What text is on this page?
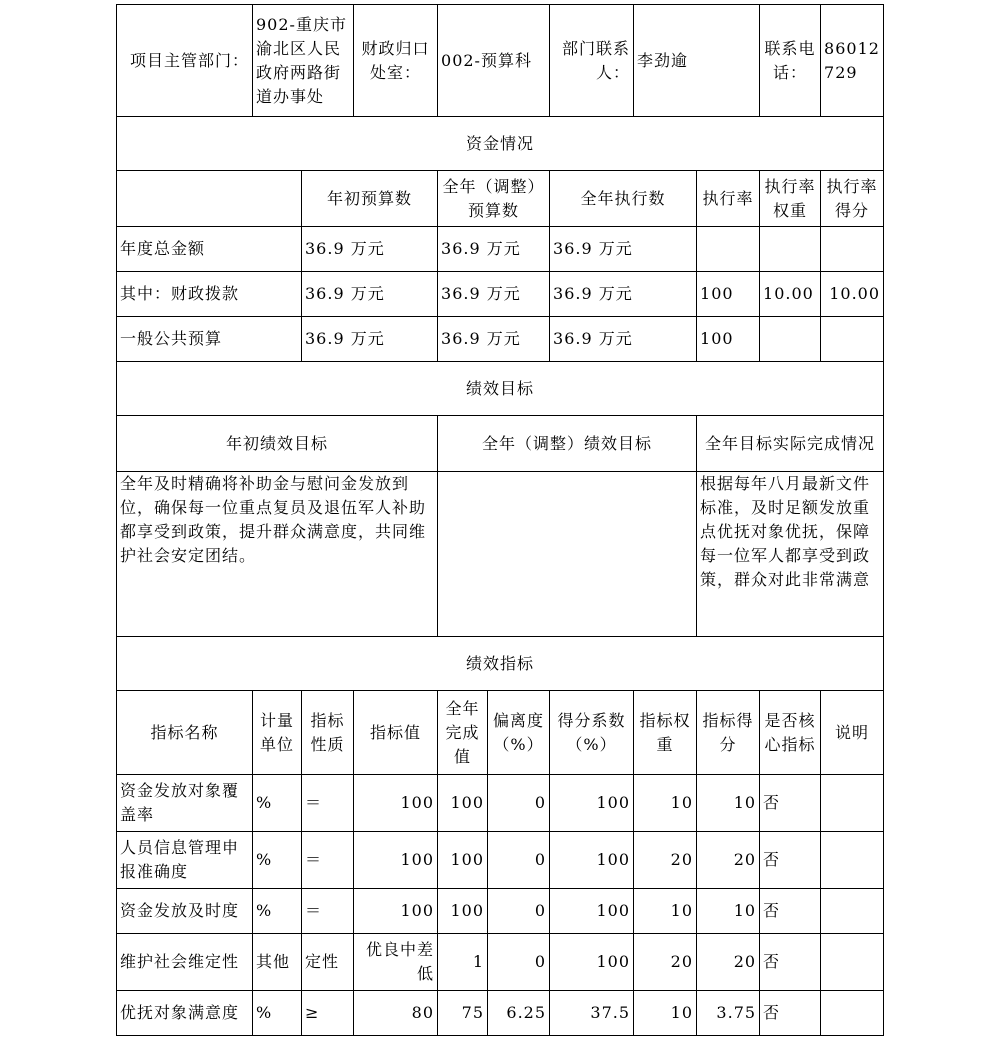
项目主管部门：	902-重庆市渝北区人民政府两路街道办事处		财政归口处室：	002-预算科		部门联系人：	李劲逾		联系电话：	86012729
资金情况										
		年初预算数		全年（调整）预算数		全年执行数		执行率	执行率权重	执行率得分
年度总金额		36.9 万元		36.9 万元		36.9 万元				
其中：财政拨款		36.9 万元		36.9 万元		36.9 万元		100	10.00	10.00
一般公共预算		36.9 万元		36.9 万元		36.9 万元		100		
绩效目标										
年初绩效目标				全年（调整）绩效目标				全年目标实际完成情况		
全年及时精确将补助金与慰问金发放到位，确保每一位重点复员及退伍军人补助都享受到政策，提升群众满意度，共同维护社会安定团结。								根据每年八月最新文件标准，及时足额发放重点优抚对象优抚，保障每一位军人都享受到政策，群众对此非常满意		
绩效指标										
指标名称	计量单位	指标性质	指标值	全年完成值	偏离度（%）	得分系数（%）	指标权重	指标得分	是否核心指标	说明
资金发放对象覆盖率	%	＝	100	100	0	100	10	10	否	
人员信息管理申报准确度	%	＝	100	100	0	100	20	20	否	
资金发放及时度	%	＝	100	100	0	100	10	10	否	
维护社会维定性	其他	定性	优良中差低	1	0	100	20	20	否	
优抚对象满意度	%	≥	80	75	6.25	37.5	10	3.75	否	
